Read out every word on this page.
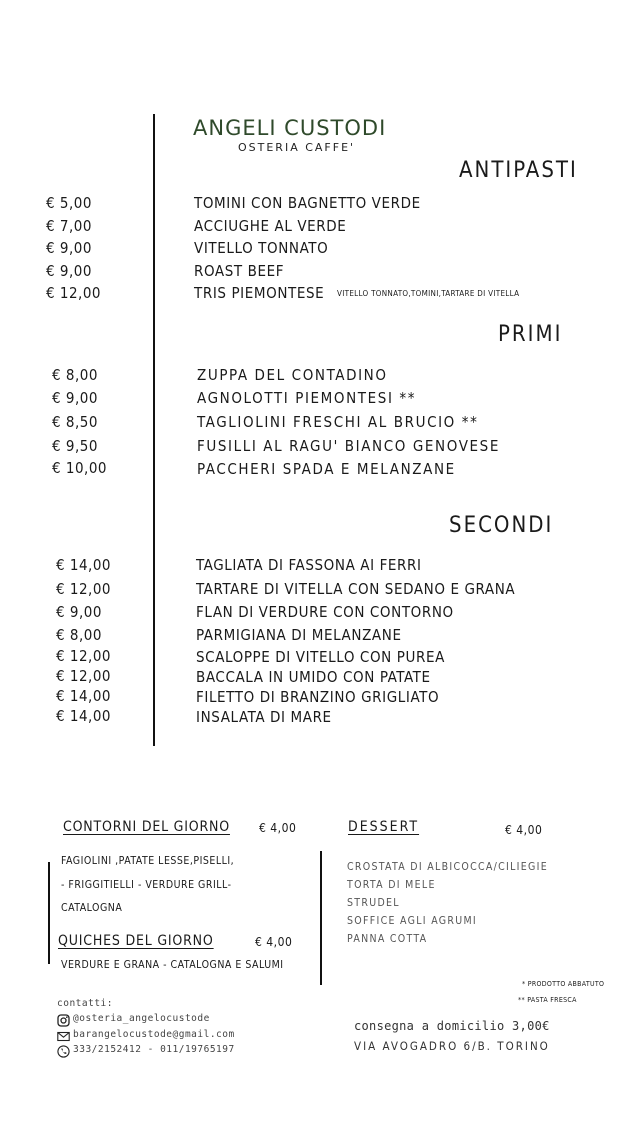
ANGELI CUSTODI
OSTERIA CAFFE'
ANTIPASTI
€ 5,00	TOMINI CON BAGNETTO VERDE
€ 7,00	ACCIUGHE AL VERDE
€ 9,00	VITELLO TONNATO
€ 9,00	ROAST BEEF
€ 12,00	TRIS PIEMONTESE VITELLO TONNATO,TOMINI,TARTARE DI VITELLA
PRIMI
€ 8,00	ZUPPA DEL CONTADINO
€ 9,00	AGNOLOTTI PIEMONTESI **
€ 8,50	TAGLIOLINI FRESCHI AL BRUCIO **
€ 9,50	FUSILLI AL RAGU' BIANCO GENOVESE
€ 10,00	PACCHERI SPADA E MELANZANE
SECONDI
€ 14,00	TAGLIATA DI FASSONA AI FERRI
€ 12,00	TARTARE DI VITELLA CON SEDANO E GRANA
€ 9,00	FLAN DI VERDURE CON CONTORNO
€ 8,00	PARMIGIANA DI MELANZANE
€ 12,00	SCALOPPE DI VITELLO CON PUREA
€ 12,00	BACCALA IN UMIDO CON PATATE
€ 14,00	FILETTO DI BRANZINO GRIGLIATO
€ 14,00	INSALATA DI MARE
CONTORNI DEL GIORNO € 4,00
FAGIOLINI ,PATATE LESSE,PISELLI,
- FRIGGITIELLI - VERDURE GRILL-
CATALOGNA
QUICHES DEL GIORNO	€ 4,00
VERDURE E GRANA - CATALOGNA E SALUMI
DESSERT	€ 4,00
CROSTATA DI ALBICOCCA/CILIEGIE
TORTA DI MELE
STRUDEL
SOFFICE AGLI AGRUMI
PANNA COTTA
* PRODOTTO ABBATUTO
** PASTA FRESCA
contatti:
@osteria_angelocustode
barangelocustode@gmail.com
333/2152412 - 011/19765197
consegna a domicilio 3,00€
VIA AVOGADRO 6/B. TORINO
